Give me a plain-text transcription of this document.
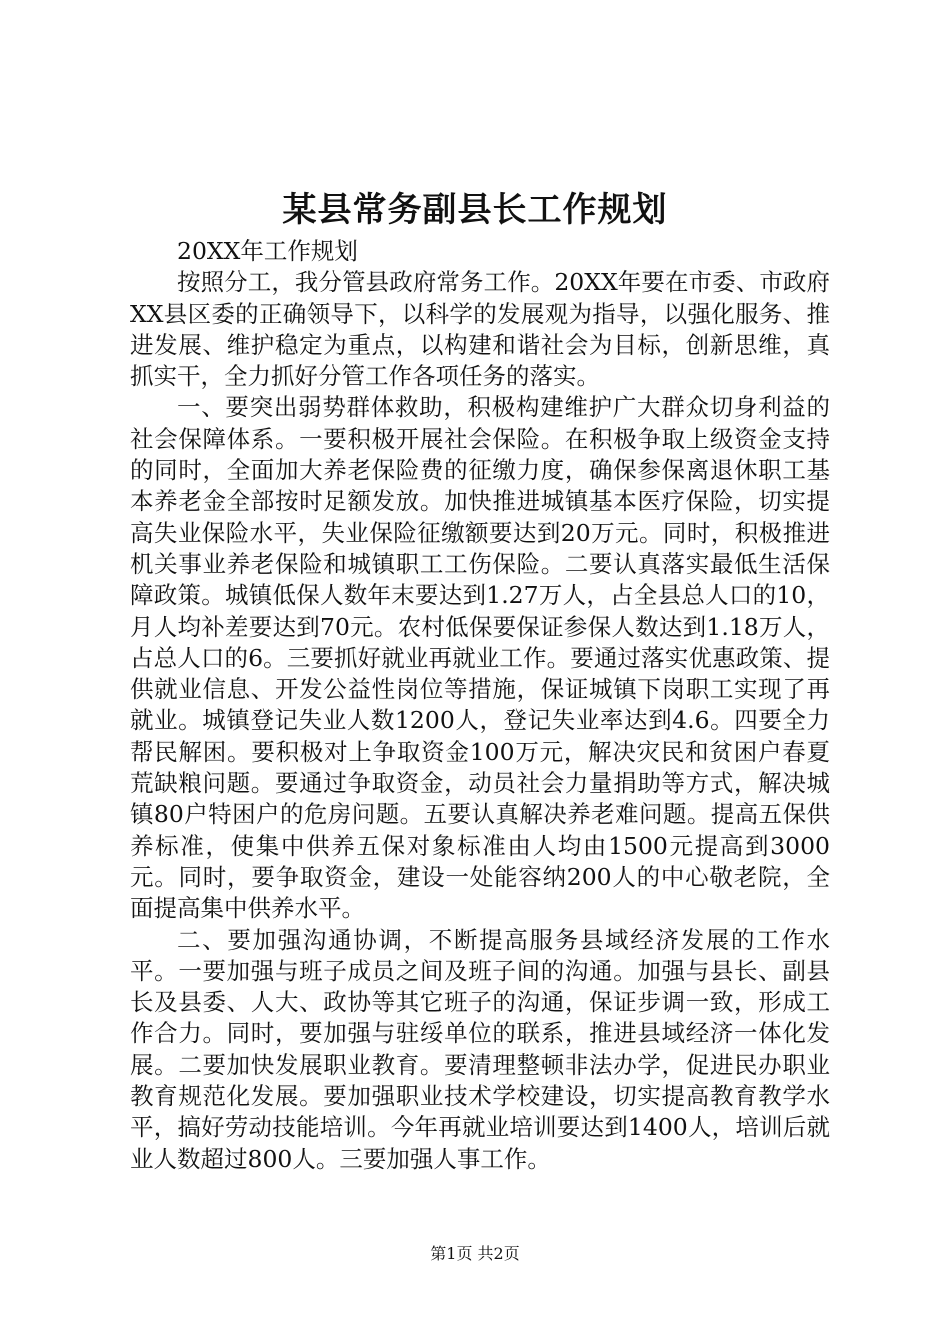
某县常务副县长工作规划

20XX年工作规划

按照分工，我分管县政府常务工作。20XX年要在市委、市政府XX县区委的正确领导下，以科学的发展观为指导，以强化服务、推进发展、维护稳定为重点，以构建和谐社会为目标，创新思维，真抓实干，全力抓好分管工作各项任务的落实。

一、要突出弱势群体救助，积极构建维护广大群众切身利益的社会保障体系。一要积极开展社会保险。在积极争取上级资金支持的同时，全面加大养老保险费的征缴力度，确保参保离退休职工基本养老金全部按时足额发放。加快推进城镇基本医疗保险，切实提高失业保险水平，失业保险征缴额要达到20万元。同时，积极推进机关事业养老保险和城镇职工工伤保险。二要认真落实最低生活保障政策。城镇低保人数年末要达到1.27万人，占全县总人口的10，月人均补差要达到70元。农村低保要保证参保人数达到1.18万人，占总人口的6。三要抓好就业再就业工作。要通过落实优惠政策、提供就业信息、开发公益性岗位等措施，保证城镇下岗职工实现了再就业。城镇登记失业人数1200人，登记失业率达到4.6。四要全力帮民解困。要积极对上争取资金100万元，解决灾民和贫困户春夏荒缺粮问题。要通过争取资金，动员社会力量捐助等方式，解决城镇80户特困户的危房问题。五要认真解决养老难问题。提高五保供养标准，使集中供养五保对象标准由人均由1500元提高到3000元。同时，要争取资金，建设一处能容纳200人的中心敬老院，全面提高集中供养水平。

二、要加强沟通协调，不断提高服务县域经济发展的工作水平。一要加强与班子成员之间及班子间的沟通。加强与县长、副县长及县委、人大、政协等其它班子的沟通，保证步调一致，形成工作合力。同时，要加强与驻绥单位的联系，推进县域经济一体化发展。二要加快发展职业教育。要清理整顿非法办学，促进民办职业教育规范化发展。要加强职业技术学校建设，切实提高教育教学水平，搞好劳动技能培训。今年再就业培训要达到1400人，培训后就业人数超过800人。三要加强人事工作。

第1页 共2页
